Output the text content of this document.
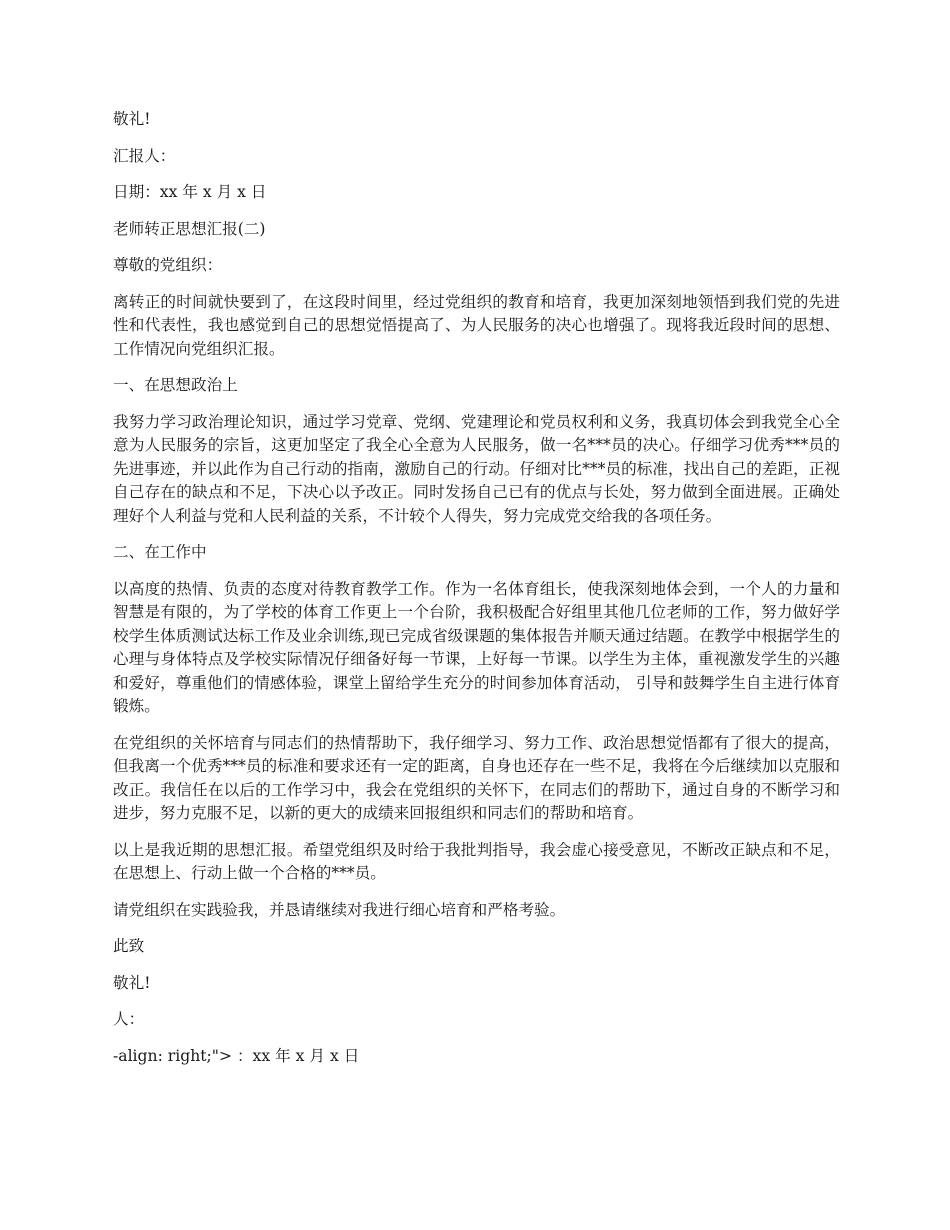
敬礼!

汇报人：

日期：xx 年 x 月 x 日

老师转正思想汇报(二)

尊敬的党组织：

离转正的时间就快要到了，在这段时间里，经过党组织的教育和培育，我更加深刻地领悟到我们党的先进性和代表性，我也感觉到自己的思想觉悟提高了、为人民服务的决心也增强了。现将我近段时间的思想、工作情况向党组织汇报。

一、在思想政治上

我努力学习政治理论知识，通过学习党章、党纲、党建理论和党员权利和义务，我真切体会到我党全心全意为人民服务的宗旨，这更加坚定了我全心全意为人民服务，做一名***员的决心。仔细学习优秀***员的先进事迹，并以此作为自己行动的指南，激励自己的行动。仔细对比***员的标准，找出自己的差距，正视自己存在的缺点和不足，下决心以予改正。同时发扬自己已有的优点与长处，努力做到全面进展。正确处理好个人利益与党和人民利益的关系，不计较个人得失，努力完成党交给我的各项任务。

二、在工作中

以高度的热情、负责的态度对待教育教学工作。作为一名体育组长，使我深刻地体会到，一个人的力量和智慧是有限的，为了学校的体育工作更上一个台阶，我积极配合好组里其他几位老师的工作，努力做好学校学生体质测试达标工作及业余训练,现已完成省级课题的集体报告并顺天通过结题。在教学中根据学生的心理与身体特点及学校实际情况仔细备好每一节课，上好每一节课。以学生为主体，重视激发学生的兴趣和爱好，尊重他们的情感体验，课堂上留给学生充分的时间参加体育活动， 引导和鼓舞学生自主进行体育锻炼。

在党组织的关怀培育与同志们的热情帮助下，我仔细学习、努力工作、政治思想觉悟都有了很大的提高，但我离一个优秀***员的标准和要求还有一定的距离，自身也还存在一些不足，我将在今后继续加以克服和改正。我信任在以后的工作学习中，我会在党组织的关怀下，在同志们的帮助下，通过自身的不断学习和进步，努力克服不足，以新的更大的成绩来回报组织和同志们的帮助和培育。

以上是我近期的思想汇报。希望党组织及时给于我批判指导，我会虚心接受意见，不断改正缺点和不足，在思想上、行动上做一个合格的***员。

请党组织在实践验我，并恳请继续对我进行细心培育和严格考验。

此致

敬礼!

人：

-align: right;"> ：xx 年 x 月 x 日
